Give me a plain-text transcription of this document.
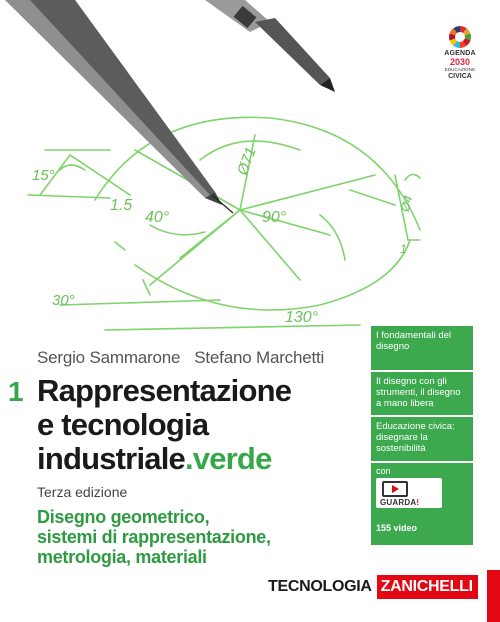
15°
1.5
40°
Ø71
90°
Ø4
30°
130°
1
AGENDA
2030
EDUCAZIONE
CIVICA
Sergio Sammarone Stefano Marchetti
1 Rappresentazione
e tecnologia
industriale.verde
Terza edizione
Disegno geometrico,
sistemi di rappresentazione,
metrologia, materiali
I fondamentali del disegno
Il disegno con gli strumenti, il disegno a mano libera
Educazione civica: disegnare la sostenibilità
con
GUARDA!
155 video
TECNOLOGIA ZANICHELLI
